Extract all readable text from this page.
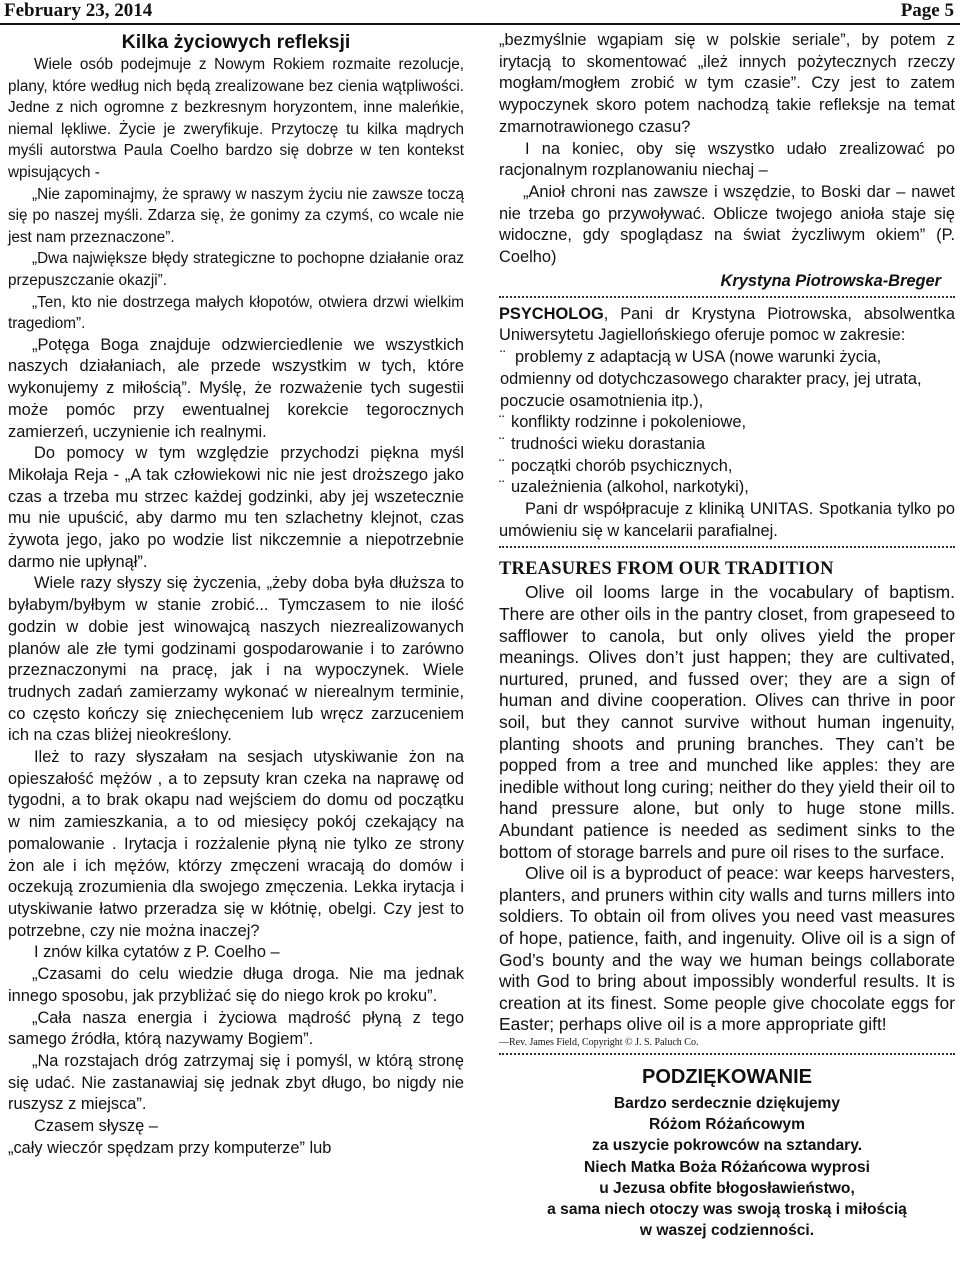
February 23, 2014	Page 5
Kilka życiowych refleksji

Wiele osób podejmuje z Nowym Rokiem rozmaite rezolucje, plany, które według nich będą zrealizowane bez cienia wątpliwości. Jedne z nich ogromne z bezkresnym horyzontem, inne maleńkie, niemal lękliwe. Życie je zweryfikuje. Przytoczę tu kilka mądrych myśli autorstwa Paula Coelho bardzo się dobrze w ten kontekst wpisujących -

„Nie zapominajmy, że sprawy w naszym życiu nie zawsze toczą się po naszej myśli. Zdarza się, że gonimy za czymś, co wcale nie jest nam przeznaczone”.

„Dwa największe błędy strategiczne to pochopne działanie oraz przepuszczanie okazji”.

„Ten, kto nie dostrzega małych kłopotów, otwiera drzwi wielkim tragediom”.

„Potęga Boga znajduje odzwierciedlenie we wszystkich naszych działaniach, ale przede wszystkim w tych, które wykonujemy z miłością”. Myślę, że rozważenie tych sugestii może pomóc przy ewentualnej korekcie tegorocznych zamierzeń, uczynienie ich realnymi.

Do pomocy w tym względzie przychodzi piękna myśl Mikołaja Reja - „A tak człowiekowi nic nie jest droższego jako czas a trzeba mu strzec każdej godzinki, aby jej wszetecznie mu nie upuścić, aby darmo mu ten szlachetny klejnot, czas żywota jego, jako po wodzie list nikczemnie a niepotrzebnie darmo nie upłynął”.

Wiele razy słyszy się życzenia, „żeby doba była dłuższa to byłabym/byłbym w stanie zrobić... Tymczasem to nie ilość godzin w dobie jest winowajcą naszych niezrealizowanych planów ale złe tymi godzinami gospodarowanie i to zarówno przeznaczonymi na pracę, jak i na wypoczynek. Wiele trudnych zadań zamierzamy wykonać w nierealnym terminie, co często kończy się zniechęceniem lub wręcz zarzuceniem ich na czas bliżej nieokreślony.

Ileż to razy słyszałam na sesjach utyskiwanie żon na opieszałość mężów , a to zepsuty kran czeka na naprawę od tygodni, a to brak okapu nad wejściem do domu od początku w nim zamieszkania, a to od miesięcy pokój czekający na pomalowanie . Irytacja i rozżalenie płyną nie tylko ze strony żon ale i ich mężów, którzy zmęczeni wracają do domów i oczekują zrozumienia dla swojego zmęczenia. Lekka irytacja i utyskiwanie łatwo przeradza się w kłótnię, obelgi. Czy jest to potrzebne, czy nie można inaczej?

I znów kilka cytatów z P. Coelho –

„Czasami do celu wiedzie długa droga. Nie ma jednak innego sposobu, jak przybliżać się do niego krok po kroku”.

„Cała nasza energia i życiowa mądrość płyną z tego samego źródła, którą nazywamy Bogiem”.

„Na rozstajach dróg zatrzymaj się i pomyśl, w którą stronę się udać. Nie zastanawiaj się jednak zbyt długo, bo nigdy nie ruszysz z miejsca”.

Czasem słyszę –

„cały wieczór spędzam przy komputerze” lub

„bezmyślnie wgapiam się w polskie seriale”, by potem z irytacją to skomentować „ileż innych pożytecznych rzeczy mogłam/mogłem zrobić w tym czasie”. Czy jest to zatem wypoczynek skoro potem nachodzą takie refleksje na temat zmarnotrawionego czasu?

I na koniec, oby się wszystko udało zrealizować po racjonalnym rozplanowaniu niechaj –

„Anioł chroni nas zawsze i wszędzie, to Boski dar – nawet nie trzeba go przywoływać. Oblicze twojego anioła staje się widoczne, gdy spoglądasz na świat życzliwym okiem” (P. Coelho)

Krystyna Piotrowska-Breger

PSYCHOLOG, Pani dr Krystyna Piotrowska, absolwentka Uniwersytetu Jagiellońskiego oferuje pomoc w zakresie:

¨ problemy z adaptacją w USA (nowe warunki życia, odmienny od dotychczasowego charakter pracy, jej utrata, poczucie osamotnienia itp.),
¨ konflikty rodzinne i pokoleniowe,
¨ trudności wieku dorastania
¨ początki chorób psychicznych,
¨ uzależnienia (alkohol, narkotyki),

Pani dr współpracuje z kliniką UNITAS. Spotkania tylko po umówieniu się w kancelarii parafialnej.

TREASURES FROM OUR TRADITION

Olive oil looms large in the vocabulary of baptism. There are other oils in the pantry closet, from grapeseed to safflower to canola, but only olives yield the proper meanings. Olives don’t just happen; they are cultivated, nurtured, pruned, and fussed over; they are a sign of human and divine cooperation. Olives can thrive in poor soil, but they cannot survive without human ingenuity, planting shoots and pruning branches. They can’t be popped from a tree and munched like apples: they are inedible without long curing; neither do they yield their oil to hand pressure alone, but only to huge stone mills. Abundant patience is needed as sediment sinks to the bottom of storage barrels and pure oil rises to the surface.

Olive oil is a byproduct of peace: war keeps harvesters, planters, and pruners within city walls and turns millers into soldiers. To obtain oil from olives you need vast measures of hope, patience, faith, and ingenuity. Olive oil is a sign of God’s bounty and the way we human beings collaborate with God to bring about impossibly wonderful results. It is creation at its finest. Some people give chocolate eggs for Easter; perhaps olive oil is a more appropriate gift!

—Rev. James Field, Copyright © J. S. Paluch Co.
PODZIĘKOWANIE

Bardzo serdecznie dziękujemy

Różom Różańcowym

za uszycie pokrowców na sztandary.

Niech Matka Boża Różańcowa wyprosi

u Jezusa obfite błogosławieństwo,

a sama niech otoczy was swoją troską i miłością

w waszej codzienności.
